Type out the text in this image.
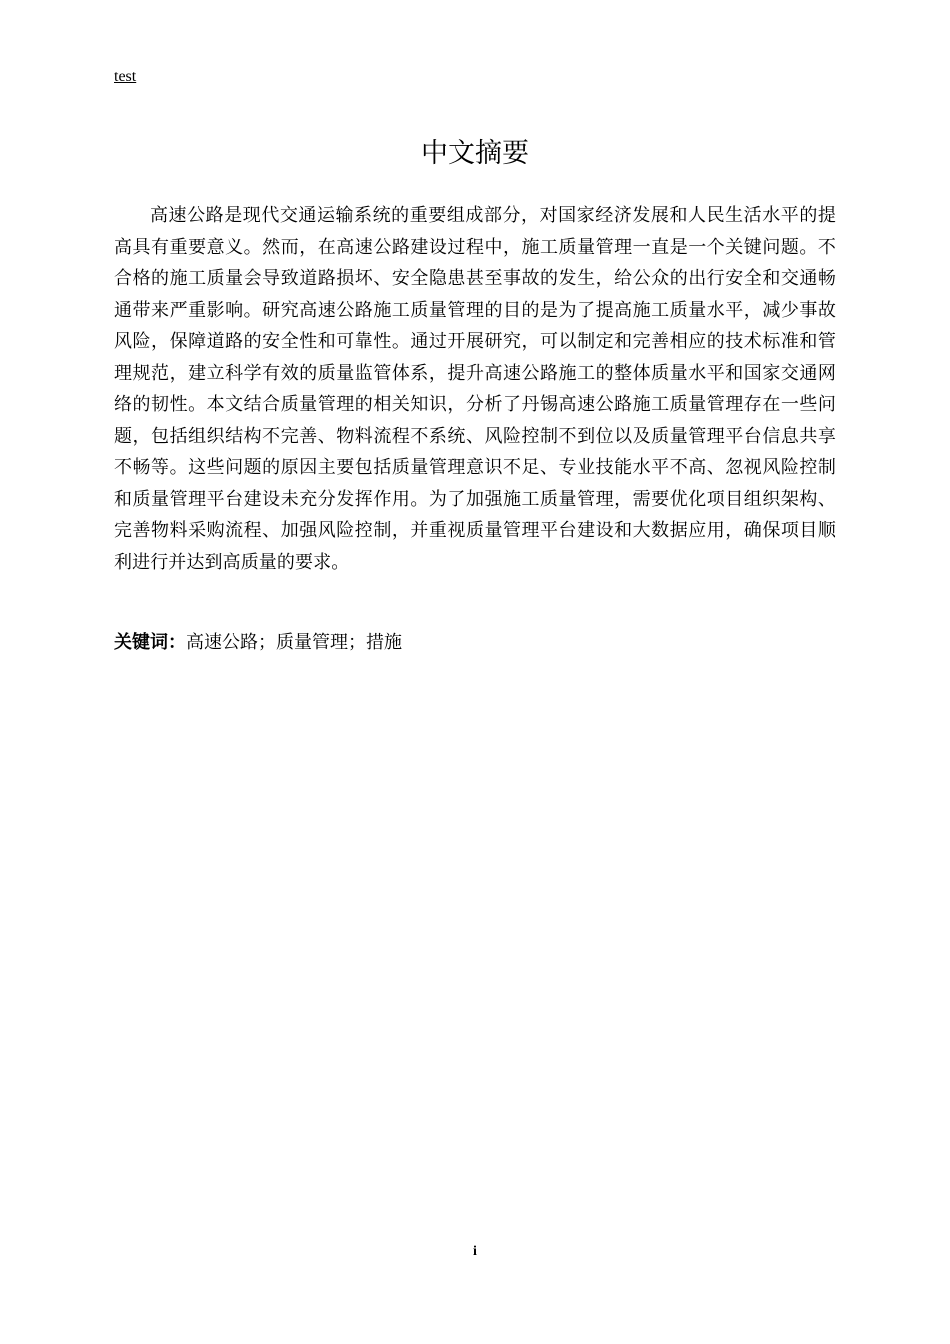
test
中文摘要

高速公路是现代交通运输系统的重要组成部分，对国家经济发展和人民生活水平的提高具有重要意义。然而，在高速公路建设过程中，施工质量管理一直是一个关键问题。不合格的施工质量会导致道路损坏、安全隐患甚至事故的发生，给公众的出行安全和交通畅通带来严重影响。研究高速公路施工质量管理的目的是为了提高施工质量水平，减少事故风险，保障道路的安全性和可靠性。通过开展研究，可以制定和完善相应的技术标准和管理规范，建立科学有效的质量监管体系，提升高速公路施工的整体质量水平和国家交通网络的韧性。本文结合质量管理的相关知识，分析了丹锡高速公路施工质量管理存在一些问题，包括组织结构不完善、物料流程不系统、风险控制不到位以及质量管理平台信息共享不畅等。这些问题的原因主要包括质量管理意识不足、专业技能水平不高、忽视风险控制和质量管理平台建设未充分发挥作用。为了加强施工质量管理，需要优化项目组织架构、完善物料采购流程、加强风险控制，并重视质量管理平台建设和大数据应用，确保项目顺利进行并达到高质量的要求。

关键词：高速公路；质量管理；措施

i
